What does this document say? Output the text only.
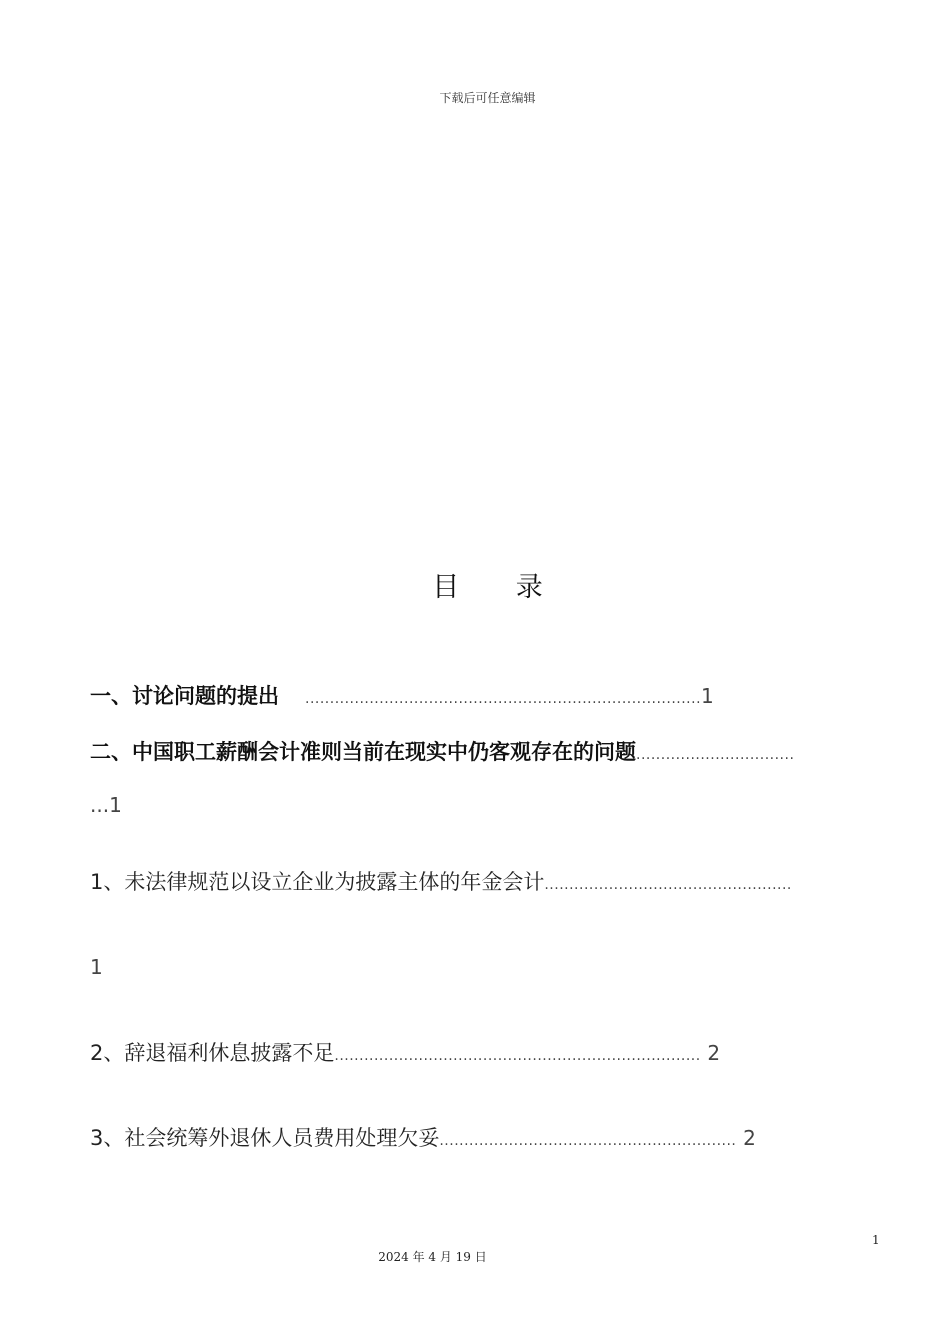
下载后可任意编辑
目 录
一、讨论问题的提出 ................................................................................1
二、中国职工薪酬会计准则当前在现实中仍客观存在的问题................................
...1
1、未法律规范以设立企业为披露主体的年金会计..................................................
1
2、辞退福利休息披露不足.......................................................................... 2
3、社会统筹外退休人员费用处理欠妥............................................................ 2
1
2024 年 4 月 19 日
